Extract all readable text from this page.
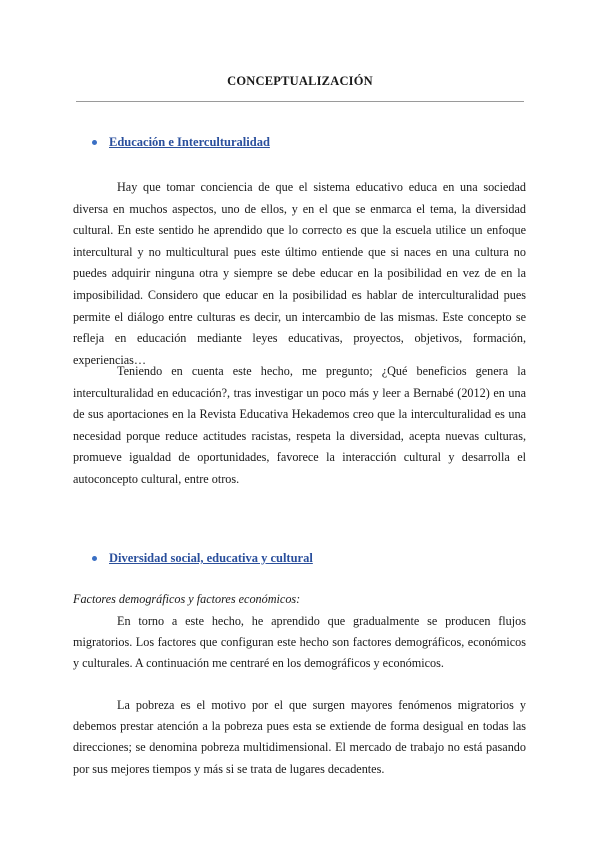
CONCEPTUALIZACIÓN
Educación e Interculturalidad

Hay que tomar conciencia de que el sistema educativo educa en una sociedad diversa en muchos aspectos, uno de ellos, y en el que se enmarca el tema, la diversidad cultural. En este sentido he aprendido que lo correcto es que la escuela utilice un enfoque intercultural y no multicultural pues este último entiende que si naces en una cultura no puedes adquirir ninguna otra y siempre se debe educar en la posibilidad en vez de en la imposibilidad. Considero que educar en la posibilidad es hablar de interculturalidad pues permite el diálogo entre culturas es decir, un intercambio de las mismas. Este concepto se refleja en educación mediante leyes educativas, proyectos, objetivos, formación, experiencias…

Teniendo en cuenta este hecho, me pregunto; ¿Qué beneficios genera la interculturalidad en educación?, tras investigar un poco más y leer a Bernabé (2012) en una de sus aportaciones en la Revista Educativa Hekademos creo que la interculturalidad es una necesidad porque reduce actitudes racistas, respeta la diversidad, acepta nuevas culturas, promueve igualdad de oportunidades, favorece la interacción cultural y desarrolla el autoconcepto cultural, entre otros.

Diversidad social, educativa y cultural
Factores demográficos y factores económicos:

En torno a este hecho, he aprendido que gradualmente se producen flujos migratorios. Los factores que configuran este hecho son factores demográficos, económicos y culturales. A continuación me centraré en los demográficos y económicos.

La pobreza es el motivo por el que surgen mayores fenómenos migratorios y debemos prestar atención a la pobreza pues esta se extiende de forma desigual en todas las direcciones; se denomina pobreza multidimensional. El mercado de trabajo no está pasando por sus mejores tiempos y más si se trata de lugares decadentes.
